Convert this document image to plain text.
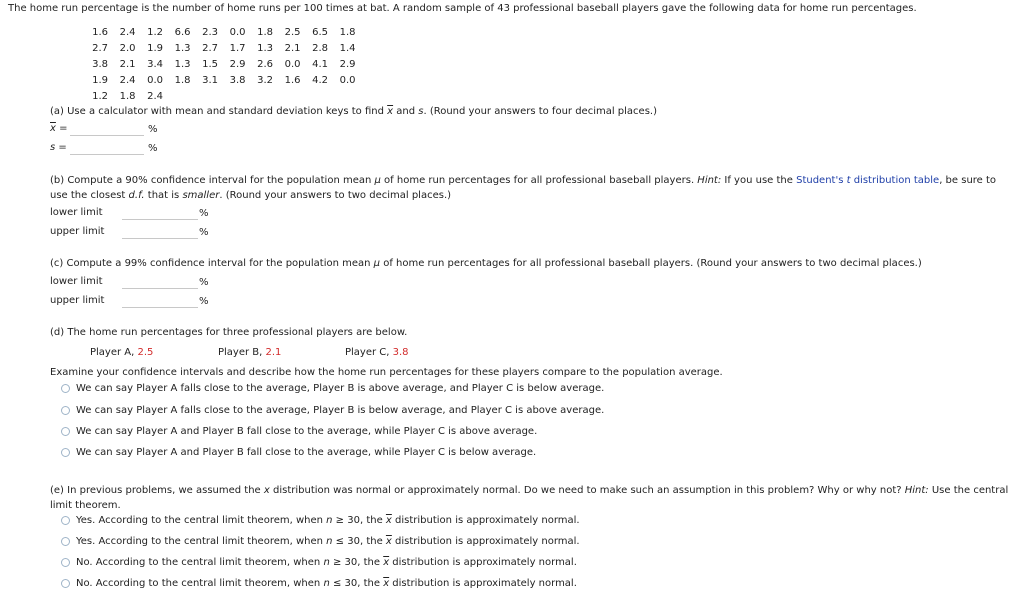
The home run percentage is the number of home runs per 100 times at bat. A random sample of 43 professional baseball players gave the following data for home run percentages.
1.6	2.4	1.2	6.6	2.3	0.0	1.8	2.5	6.5	1.8
2.7	2.0	1.9	1.3	2.7	1.7	1.3	2.1	2.8	1.4
3.8	2.1	3.4	1.3	1.5	2.9	2.6	0.0	4.1	2.9
1.9	2.4	0.0	1.8	3.1	3.8	3.2	1.6	4.2	0.0
1.2	1.8	2.4
(a) Use a calculator with mean and standard deviation keys to find $\overline{x}$ and s. (Round your answers to four decimal places.)
$\overline{x}$ =	%
s =	%
(b) Compute a 90% confidence interval for the population mean μ of home run percentages for all professional baseball players. Hint: If you use the Student's t distribution table, be sure to use the closest d.f. that is smaller. (Round your answers to two decimal places.)
lower limit	%
upper limit	%
(c) Compute a 99% confidence interval for the population mean μ of home run percentages for all professional baseball players. (Round your answers to two decimal places.)
lower limit	%
upper limit	%
(d) The home run percentages for three professional players are below.
Player A, 2.5	Player B, 2.1	Player C, 3.8
Examine your confidence intervals and describe how the home run percentages for these players compare to the population average.
We can say Player A falls close to the average, Player B is above average, and Player C is below average.
We can say Player A falls close to the average, Player B is below average, and Player C is above average.
We can say Player A and Player B fall close to the average, while Player C is above average.
We can say Player A and Player B fall close to the average, while Player C is below average.
(e) In previous problems, we assumed the x distribution was normal or approximately normal. Do we need to make such an assumption in this problem? Why or why not? Hint: Use the central limit theorem.
Yes. According to the central limit theorem, when n ≥ 30, the $\overline{x}$ distribution is approximately normal.
Yes. According to the central limit theorem, when n ≤ 30, the $\overline{x}$ distribution is approximately normal.
No. According to the central limit theorem, when n ≥ 30, the $\overline{x}$ distribution is approximately normal.
No. According to the central limit theorem, when n ≤ 30, the $\overline{x}$ distribution is approximately normal.
